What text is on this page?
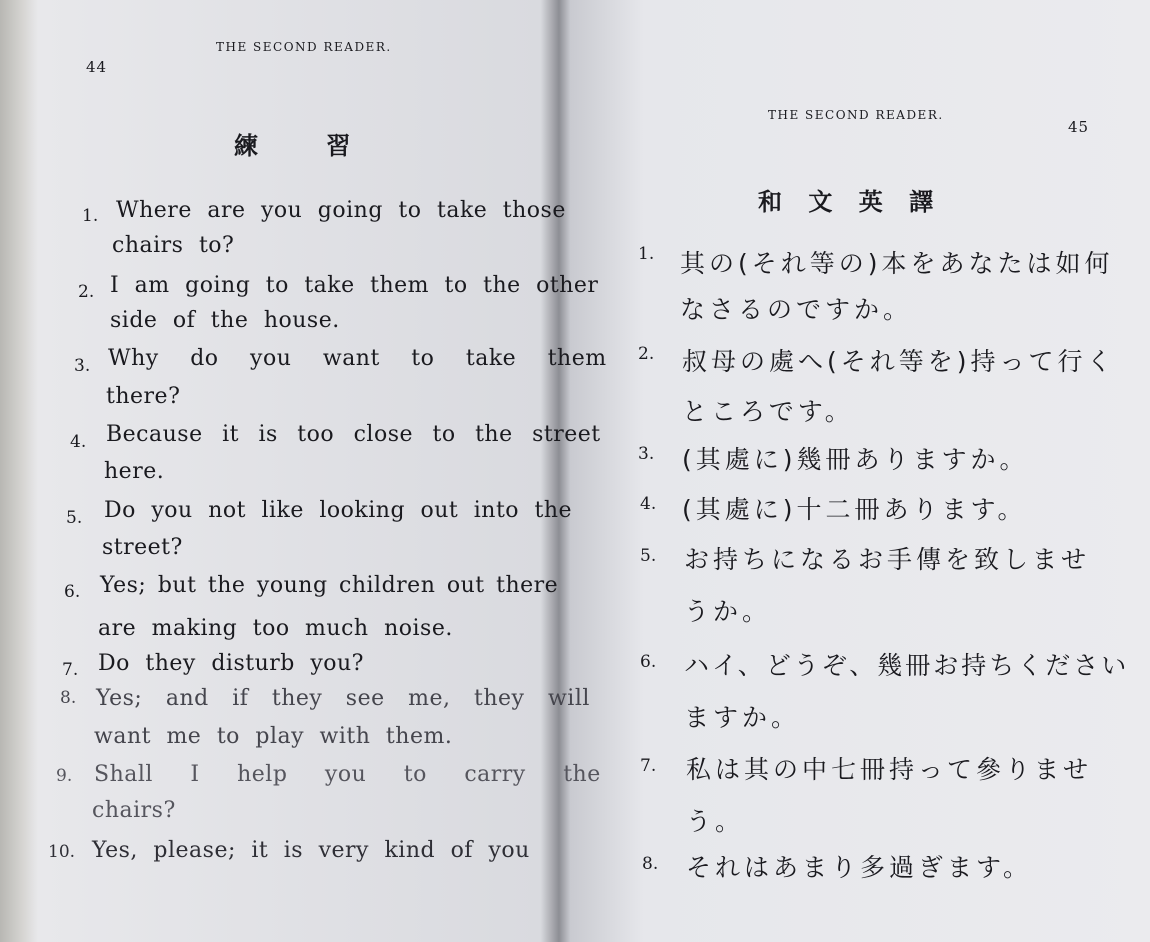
44
THE SECOND READER.
練 習
1. Where are you going to take those
chairs to?
2. I am going to take them to the other
side of the house.
3. Why do you want to take them
there?
4. Because it is too close to the street
here.
5. Do you not like looking out into the
street?
6. Yes; but the young children out there
are making too much noise.
7. Do they disturb you?
8. Yes; and if they see me, they will
want me to play with them.
9. Shall I help you to carry the
chairs?
10. Yes, please; it is very kind of you
THE SECOND READER.
45
和 文 英 譯
1. 其の(それ等の)本をあなたは如何
なさるのですか。
2. 叔母の處へ(それ等を)持って行く
ところです。
3. (其處に)幾冊ありますか。
4. (其處に)十二冊あります。
5. お持ちになるお手傳を致しませ
うか。
6. ハイ、どうぞ、幾冊お持ちください
ますか。
7. 私は其の中七冊持って參りませ
う。
8. それはあまり多過ぎます。
